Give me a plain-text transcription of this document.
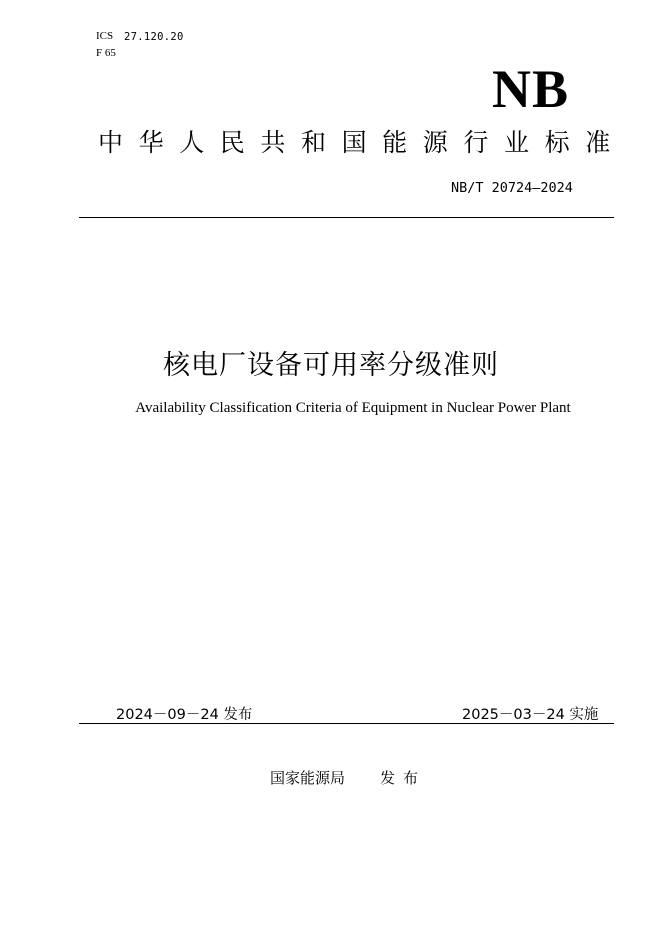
ICS 27.120.20
F 65
NB
中华人民共和国能源行业标准
NB/T 20724—2024
核电厂设备可用率分级准则
Availability Classification Criteria of Equipment in Nuclear Power Plant
2024－09－24 发布	2025－03－24 实施
国家能源局 发布
